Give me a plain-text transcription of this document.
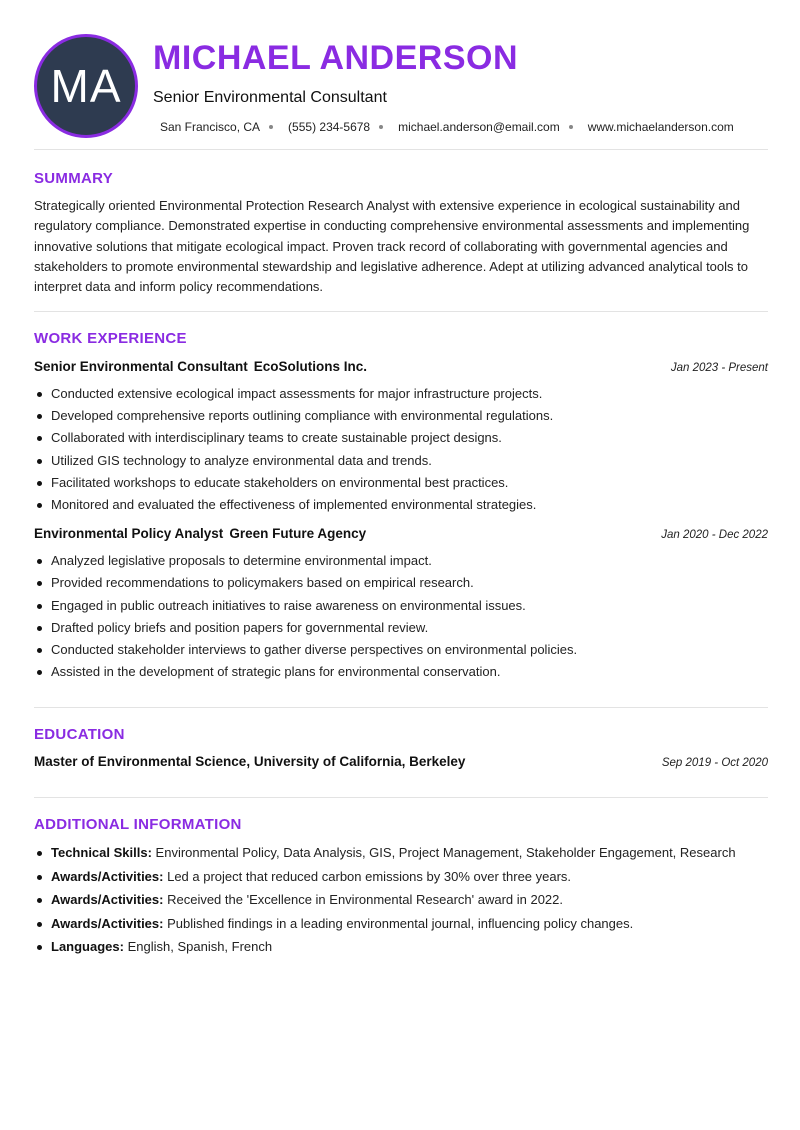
MA
MICHAEL ANDERSON
Senior Environmental Consultant
San Francisco, CA (555) 234-5678 michael.anderson@email.com www.michaelanderson.com
SUMMARY

Strategically oriented Environmental Protection Research Analyst with extensive experience in ecological sustainability and regulatory compliance. Demonstrated expertise in conducting comprehensive environmental assessments and implementing innovative solutions that mitigate ecological impact. Proven track record of collaborating with governmental agencies and stakeholders to promote environmental stewardship and legislative adherence. Adept at utilizing advanced analytical tools to interpret data and inform policy recommendations.

WORK EXPERIENCE
Senior Environmental Consultant EcoSolutions Inc.	Jan 2023 - Present
Conducted extensive ecological impact assessments for major infrastructure projects.
Developed comprehensive reports outlining compliance with environmental regulations.
Collaborated with interdisciplinary teams to create sustainable project designs.
Utilized GIS technology to analyze environmental data and trends.
Facilitated workshops to educate stakeholders on environmental best practices.
Monitored and evaluated the effectiveness of implemented environmental strategies.
Environmental Policy Analyst Green Future Agency	Jan 2020 - Dec 2022
Analyzed legislative proposals to determine environmental impact.
Provided recommendations to policymakers based on empirical research.
Engaged in public outreach initiatives to raise awareness on environmental issues.
Drafted policy briefs and position papers for governmental review.
Conducted stakeholder interviews to gather diverse perspectives on environmental policies.
Assisted in the development of strategic plans for environmental conservation.
EDUCATION
Master of Environmental Science, University of California, Berkeley	Sep 2019 - Oct 2020
ADDITIONAL INFORMATION
Technical Skills: Environmental Policy, Data Analysis, GIS, Project Management, Stakeholder Engagement, Research
Awards/Activities: Led a project that reduced carbon emissions by 30% over three years.
Awards/Activities: Received the 'Excellence in Environmental Research' award in 2022.
Awards/Activities: Published findings in a leading environmental journal, influencing policy changes.
Languages: English, Spanish, French
